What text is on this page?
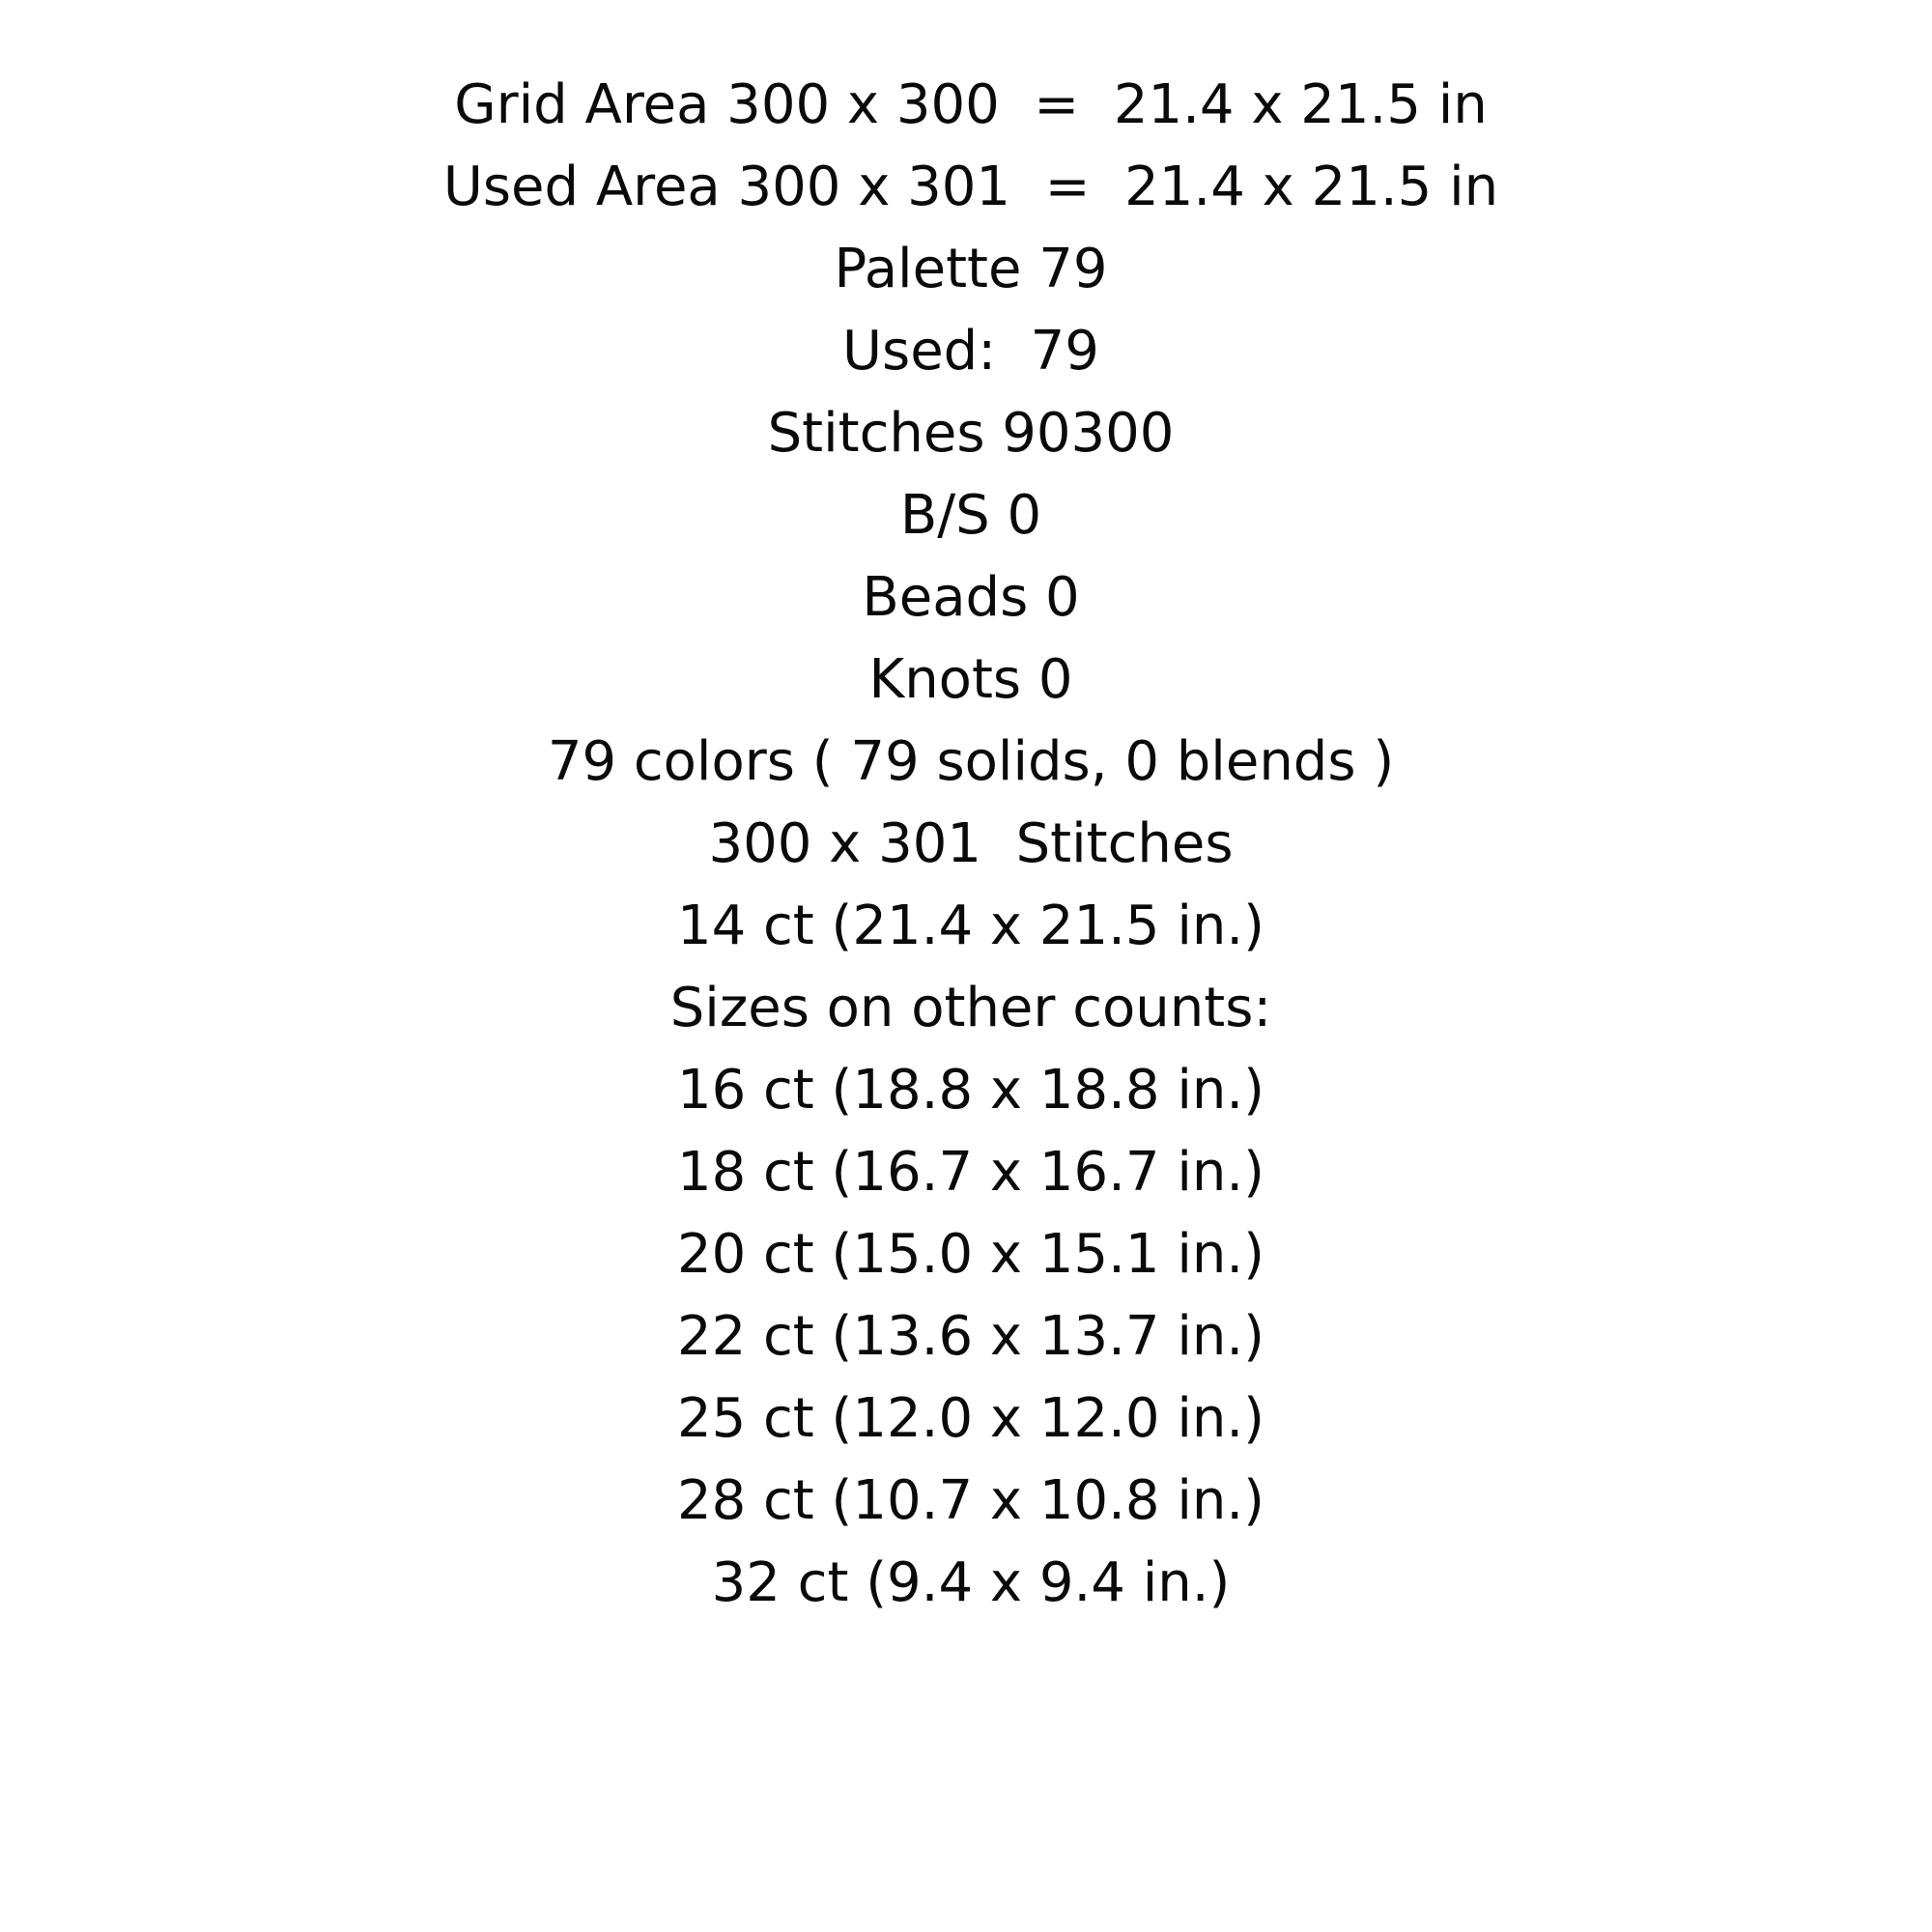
Grid Area 300 x 300  =  21.4 x 21.5 in
Used Area 300 x 301  =  21.4 x 21.5 in
Palette 79
Used:  79
Stitches 90300
B/S 0
Beads 0
Knots 0
79 colors ( 79 solids, 0 blends )
300 x 301  Stitches
14 ct (21.4 x 21.5 in.)
Sizes on other counts:
16 ct (18.8 x 18.8 in.)
18 ct (16.7 x 16.7 in.)
20 ct (15.0 x 15.1 in.)
22 ct (13.6 x 13.7 in.)
25 ct (12.0 x 12.0 in.)
28 ct (10.7 x 10.8 in.)
32 ct (9.4 x 9.4 in.)
